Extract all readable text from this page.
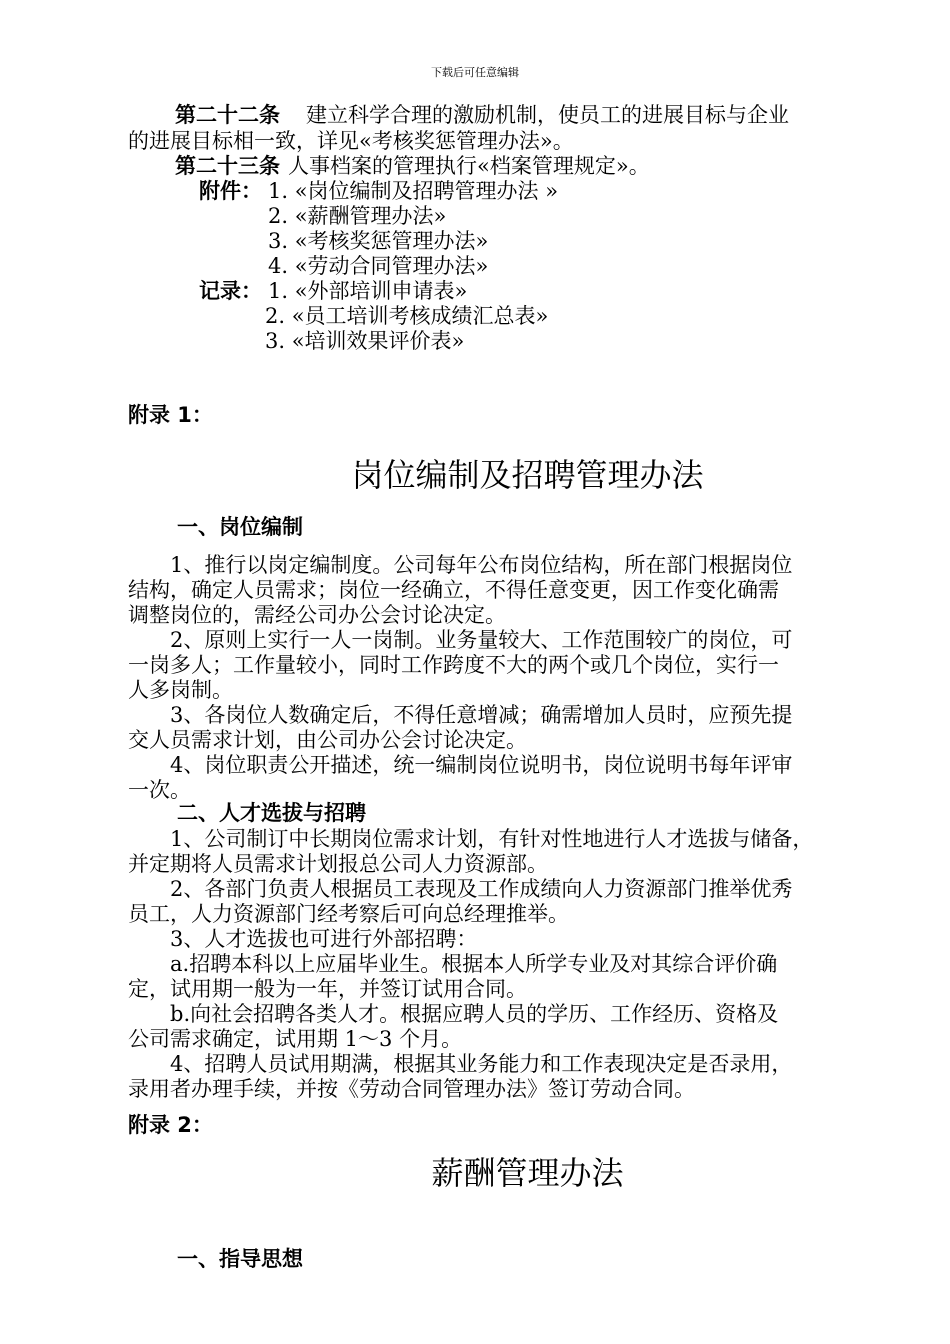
下载后可任意编辑
第二十二条 建立科学合理的激励机制，使员工的进展目标与企业
的进展目标相一致，详见«考核奖惩管理办法»。
第二十三条 人事档案的管理执行«档案管理规定»。
附件： 1. «岗位编制及招聘管理办法 »
2. «薪酬管理办法»
3. «考核奖惩管理办法»
4. «劳动合同管理办法»
记录： 1. «外部培训申请表»
2. «员工培训考核成绩汇总表»
3. «培训效果评价表»
附录 1：
岗位编制及招聘管理办法
一、岗位编制
　　1、推行以岗定编制度。公司每年公布岗位结构，所在部门根据岗位
结构，确定人员需求；岗位一经确立，不得任意变更，因工作变化确需
调整岗位的，需经公司办公会讨论决定。
　　2、原则上实行一人一岗制。业务量较大、工作范围较广的岗位，可
一岗多人；工作量较小，同时工作跨度不大的两个或几个岗位，实行一
人多岗制。
　　3、各岗位人数确定后，不得任意增减；确需增加人员时，应预先提
交人员需求计划，由公司办公会讨论决定。
　　4、岗位职责公开描述，统一编制岗位说明书，岗位说明书每年评审
一次。
二、人才选拔与招聘
　　1、公司制订中长期岗位需求计划，有针对性地进行人才选拔与储备，
并定期将人员需求计划报总公司人力资源部。
　　2、各部门负责人根据员工表现及工作成绩向人力资源部门推举优秀
员工，人力资源部门经考察后可向总经理推举。
　　3、人才选拔也可进行外部招聘：
　　a.招聘本科以上应届毕业生。根据本人所学专业及对其综合评价确
定，试用期一般为一年，并签订试用合同。
　　b.向社会招聘各类人才。根据应聘人员的学历、工作经历、资格及
公司需求确定，试用期 1～3 个月。
　　4、招聘人员试用期满，根据其业务能力和工作表现决定是否录用，
录用者办理手续，并按《劳动合同管理办法》签订劳动合同。
附录 2：
薪酬管理办法
一、指导思想
